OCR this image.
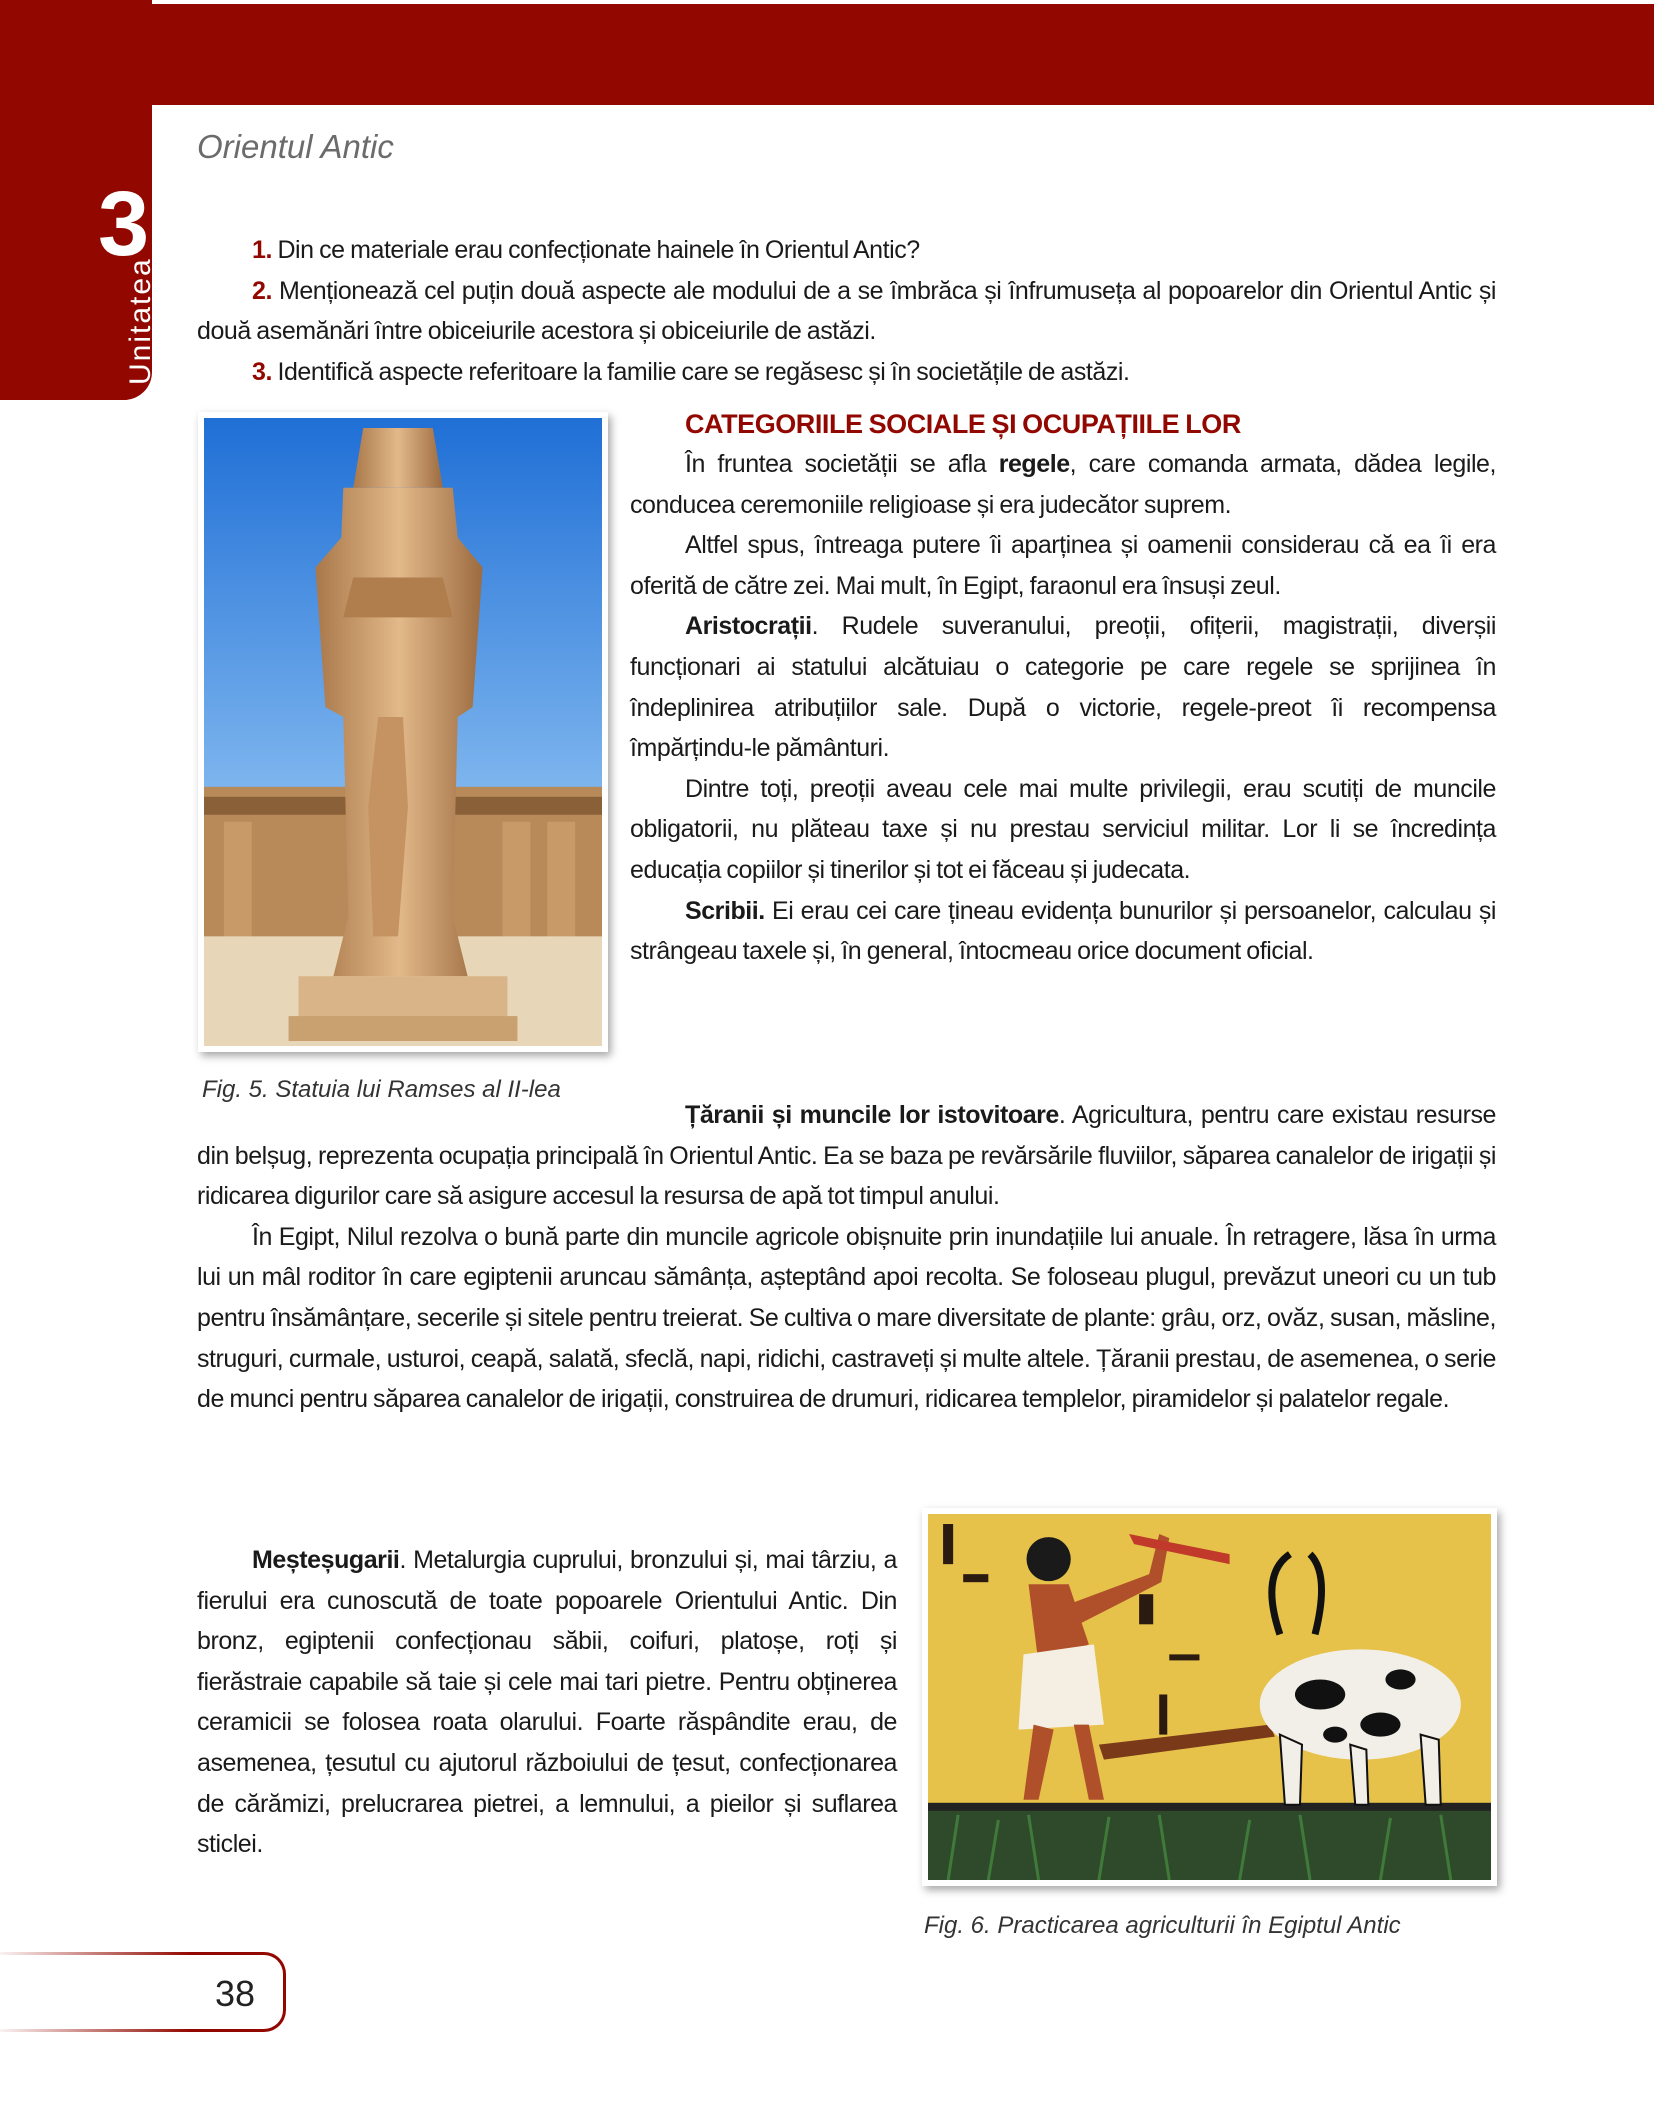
3
Unitatea
Orientul Antic

1. Din ce materiale erau confecționate hainele în Orientul Antic?

2. Menționează cel puțin două aspecte ale modului de a se îmbrăca și înfrumuseța al popoarelor din Orientul Antic și două asemănări între obiceiurile acestora și obiceiurile de astăzi.

3. Identifică aspecte referitoare la familie care se regăsesc și în societățile de astăzi.

Fig. 5. Statuia lui Ramses al II-lea

CATEGORIILE SOCIALE ȘI OCUPAȚIILE LOR

În fruntea societății se afla regele, care comanda armata, dădea legile, conducea ceremoniile religioase și era judecător suprem.

Altfel spus, întreaga putere îi aparținea și oamenii considerau că ea îi era oferită de către zei. Mai mult, în Egipt, faraonul era însuși zeul.

Aristocrații. Rudele suveranului, preoții, ofițerii, magistrații, diverșii funcționari ai statului alcătuiau o categorie pe care regele se sprijinea în îndeplinirea atribuțiilor sale. După o victorie, regele-preot îi recompensa împărțindu-le pământuri.

Dintre toți, preoții aveau cele mai multe privilegii, erau scutiți de muncile obligatorii, nu plăteau taxe și nu prestau serviciul militar. Lor li se încredința educația copiilor și tinerilor și tot ei făceau și judecata.

Scribii. Ei erau cei care țineau evidența bunurilor și persoanelor, calculau și strângeau taxele și, în general, întocmeau orice document oficial.

Țăranii și muncile lor istovitoare. Agricultura, pentru care existau resurse din belșug, reprezenta ocupația principală în Orientul Antic. Ea se baza pe revărsările fluviilor, săparea canalelor de irigații și ridicarea digurilor care să asigure accesul la resursa de apă tot timpul anului.

În Egipt, Nilul rezolva o bună parte din muncile agricole obișnuite prin inundațiile lui anuale. În retragere, lăsa în urma lui un mâl roditor în care egiptenii aruncau sămânța, așteptând apoi recolta. Se foloseau plugul, prevăzut uneori cu un tub pentru însămânțare, secerile și sitele pentru treierat. Se cultiva o mare diversitate de plante: grâu, orz, ovăz, susan, măsline, struguri, curmale, usturoi, ceapă, salată, sfeclă, napi, ridichi, castraveți și multe altele. Țăranii prestau, de asemenea, o serie de munci pentru săparea canalelor de irigații, construirea de drumuri, ridicarea templelor, piramidelor și palatelor regale.

Meșteșugarii. Metalurgia cuprului, bronzului și, mai târziu, a fierului era cunoscută de toate popoarele Orientului Antic. Din bronz, egiptenii confecționau săbii, coifuri, platoșe, roți și fierăstraie capabile să taie și cele mai tari pietre. Pentru obținerea ceramicii se folosea roata olarului. Foarte răspândite erau, de asemenea, țesutul cu ajutorul războiului de țesut, confecționarea de cărămizi, prelucrarea pietrei, a lemnului, a pieilor și suflarea sticlei.

Fig. 6. Practicarea agriculturii în Egiptul Antic
38
